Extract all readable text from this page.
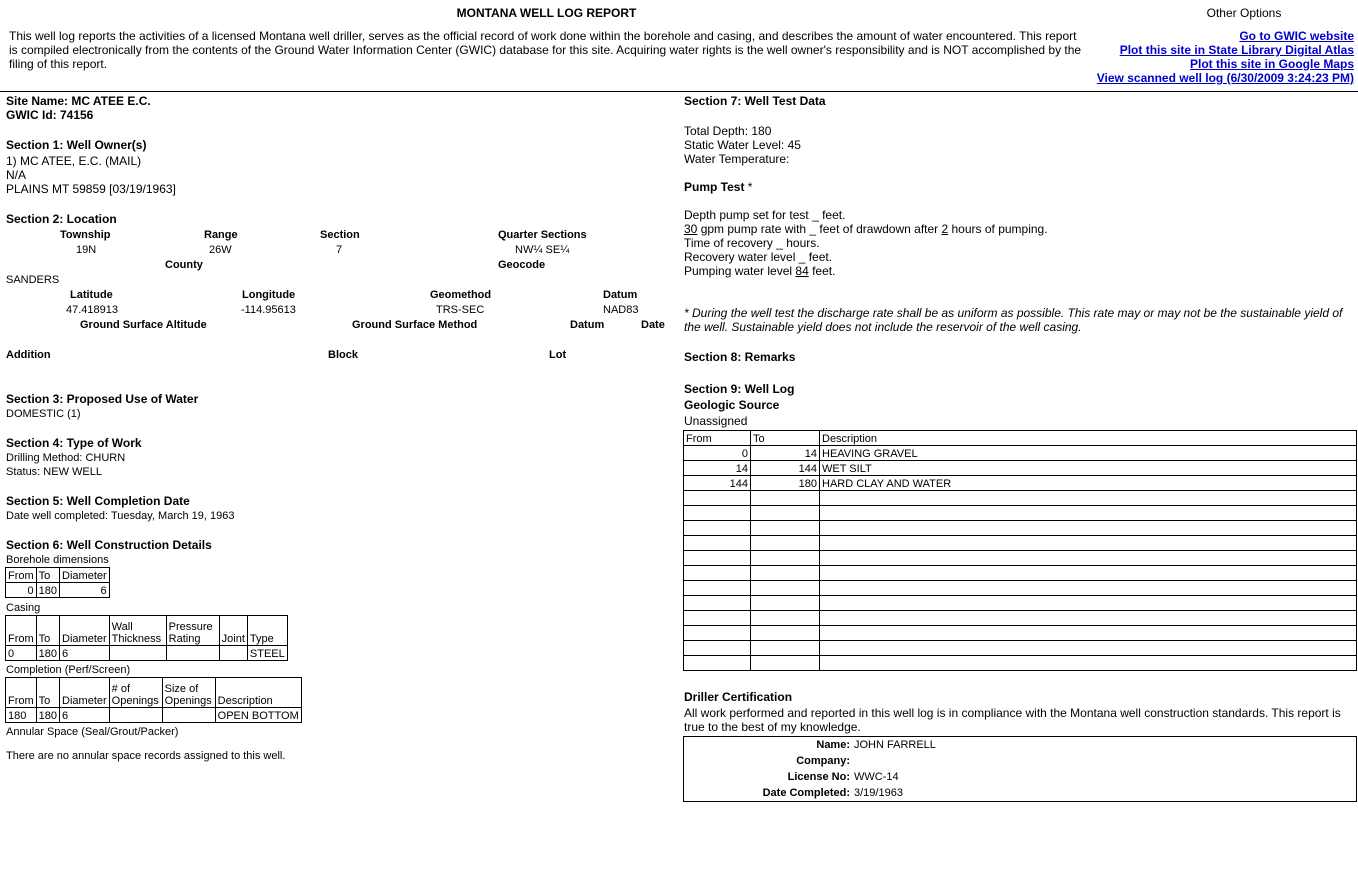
MONTANA WELL LOG REPORT
This well log reports the activities of a licensed Montana well driller, serves as the official record of work done within the borehole and casing, and describes the amount of water encountered. This report is compiled electronically from the contents of the Ground Water Information Center (GWIC) database for this site. Acquiring water rights is the well owner's responsibility and is NOT accomplished by the filing of this report.
Other Options
Go to GWIC website
Plot this site in State Library Digital Atlas
Plot this site in Google Maps
View scanned well log (6/30/2009 3:24:23 PM)
Site Name: MC ATEE E.C.
GWIC Id: 74156
Section 1: Well Owner(s)
1) MC ATEE, E.C. (MAIL)
N/A
PLAINS MT 59859 [03/19/1963]
Section 2: Location
Township	Range	Section	Quarter Sections
19N	26W	7	NW¼ SE¼
County	Geocode
SANDERS
Latitude	Longitude	Geomethod	Datum
47.418913	-114.95613	TRS-SEC	NAD83
Ground Surface Altitude	Ground Surface Method	Datum	Date
Addition	Block	Lot
Section 3: Proposed Use of Water
DOMESTIC (1)
Section 4: Type of Work
Drilling Method: CHURN
Status: NEW WELL
Section 5: Well Completion Date
Date well completed: Tuesday, March 19, 1963
Section 6: Well Construction Details
Borehole dimensions
From	To	Diameter
0	180	6
Casing
From	To	Diameter	Wall Thickness	Pressure Rating	Joint	Type
0	180	6				STEEL
Completion (Perf/Screen)
From	To	Diameter	# of Openings	Size of Openings	Description
180	180	6			OPEN BOTTOM
Annular Space (Seal/Grout/Packer)
There are no annular space records assigned to this well.
Section 7: Well Test Data
Total Depth: 180
Static Water Level: 45
Water Temperature:
Pump Test *
Depth pump set for test _ feet.
30 gpm pump rate with _ feet of drawdown after 2 hours of pumping.
Time of recovery _ hours.
Recovery water level _ feet.
Pumping water level 84 feet.
* During the well test the discharge rate shall be as uniform as possible. This rate may or may not be the sustainable yield of the well. Sustainable yield does not include the reservoir of the well casing.
Section 8: Remarks
Section 9: Well Log
Geologic Source
Unassigned
From	To	Description
0	14	HEAVING GRAVEL
14	144	WET SILT
144	180	HARD CLAY AND WATER

Driller Certification
All work performed and reported in this well log is in compliance with the Montana well construction standards. This report is true to the best of my knowledge.
Name: JOHN FARRELL
Company:
License No: WWC-14
Date Completed: 3/19/1963
